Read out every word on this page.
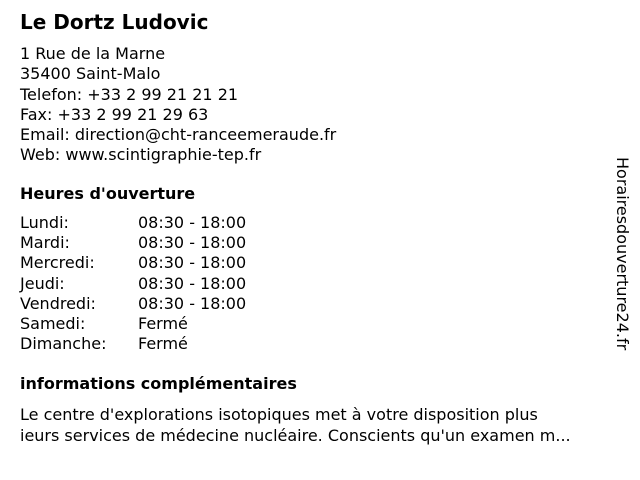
Le Dortz Ludovic
1 Rue de la Marne
35400 Saint-Malo
Telefon: +33 2 99 21 21 21
Fax: +33 2 99 21 29 63
Email: direction@cht-ranceemeraude.fr
Web: www.scintigraphie-tep.fr
Heures d'ouverture
Lundi:	08:30 - 18:00
Mardi:	08:30 - 18:00
Mercredi:	08:30 - 18:00
Jeudi:	08:30 - 18:00
Vendredi:	08:30 - 18:00
Samedi:	Fermé
Dimanche:	Fermé
informations complémentaires
Le centre d'explorations isotopiques met à votre disposition plus
ieurs services de médecine nucléaire. Conscients qu'un examen m...
Horairesdouverture24.fr
